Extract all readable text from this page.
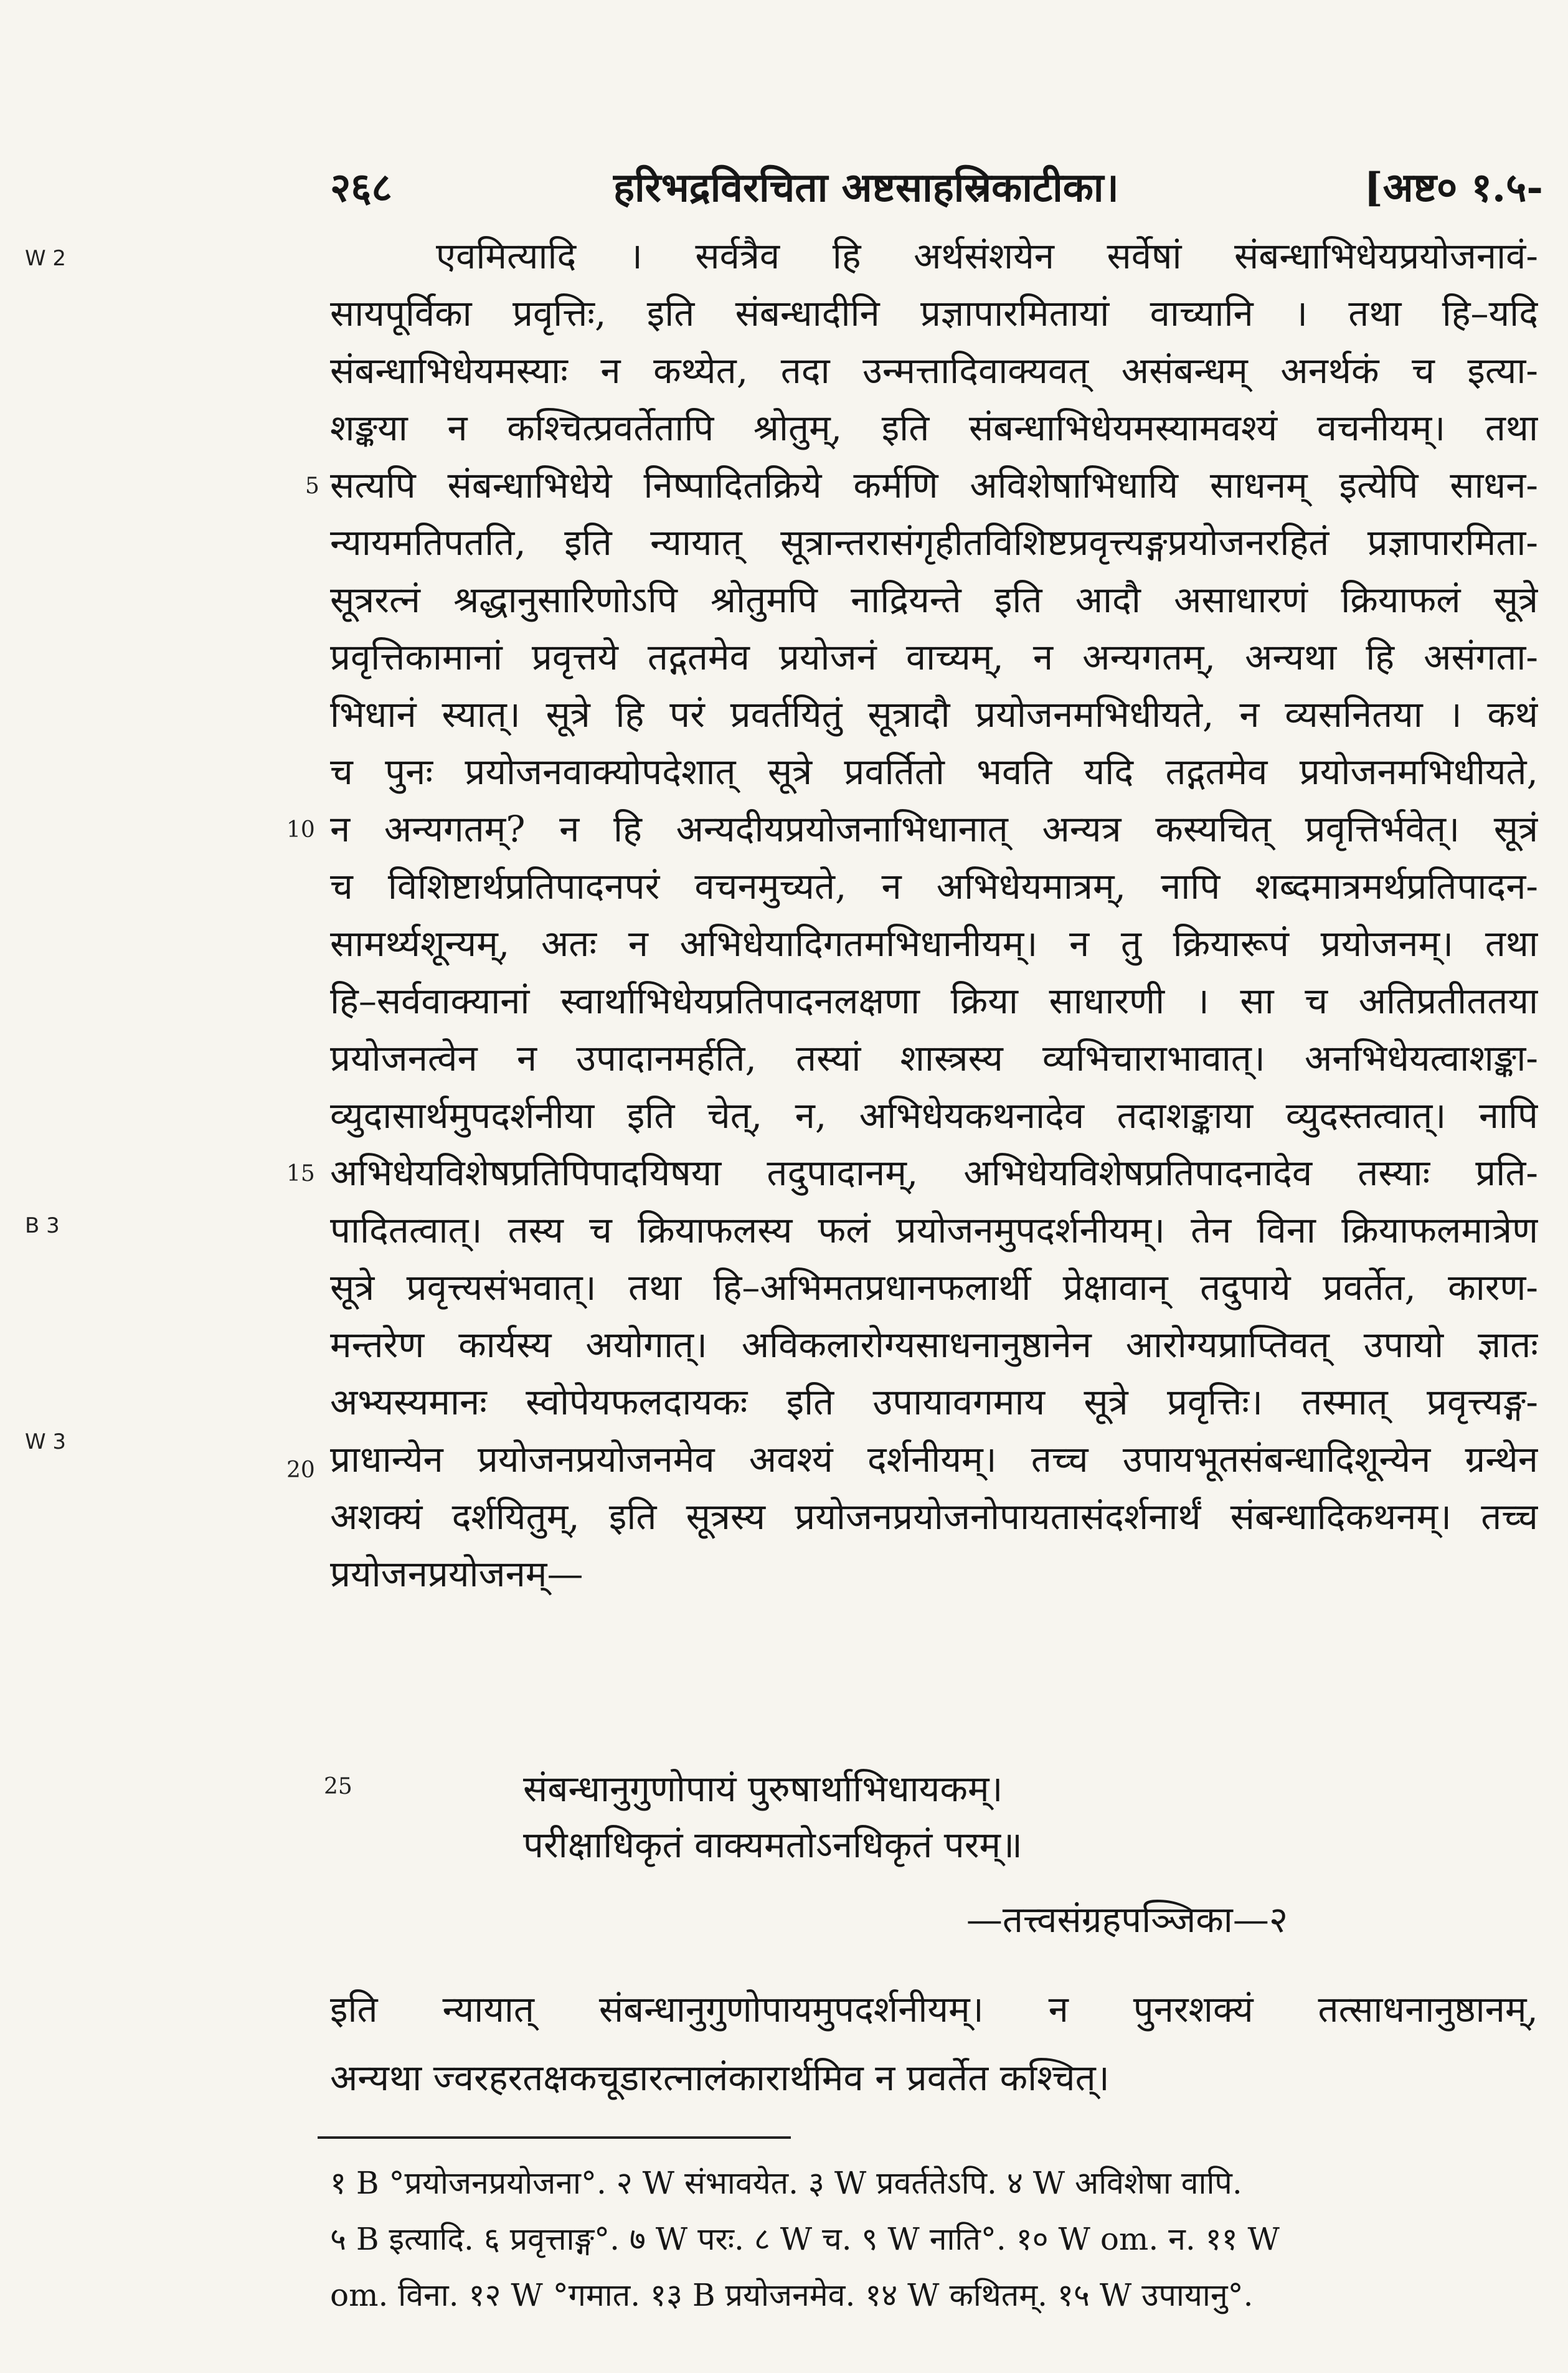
२६८	हरिभद्रविरचिता अष्टसाहस्रिकाटीका।	[अष्ट० १.५-
W 2
B 3
W 3
5
10
15
20
25
एवमित्यादि । सर्वत्रैव हि अर्थसंशयेन सर्वेषां संबन्धाभिधेयप्रयोजनावं-
सायपूर्विका प्रवृत्तिः, इति संबन्धादीनि प्रज्ञापारमितायां वाच्यानि । तथा हि–यदि
संबन्धाभिधेयमस्याः न कथ्येत, तदा उन्मत्तादिवाक्यवत् असंबन्धम् अनर्थकं च इत्या-
शङ्कया न कश्चित्प्रवर्तेतापि श्रोतुम्, इति संबन्धाभिधेयमस्यामवश्यं वचनीयम्। तथा
सत्यपि संबन्धाभिधेये निष्पादितक्रिये कर्मणि अविशेषाभिधायि साधनम् इत्येपि साधन-
न्यायमतिपतति, इति न्यायात् सूत्रान्तरासंगृहीतविशिष्टप्रवृत्त्यङ्गप्रयोजनरहितं प्रज्ञापारमिता-
सूत्ररत्नं श्रद्धानुसारिणोऽपि श्रोतुमपि नाद्रियन्ते इति आदौ असाधारणं क्रियाफलं सूत्रे
प्रवृत्तिकामानां प्रवृत्तये तद्गतमेव प्रयोजनं वाच्यम्, न अन्यगतम्, अन्यथा हि असंगता-
भिधानं स्यात्। सूत्रे हि परं प्रवर्तयितुं सूत्रादौ प्रयोजनमभिधीयते, न व्यसनितया । कथं
च पुनः प्रयोजनवाक्योपदेशात् सूत्रे प्रवर्तितो भवति यदि तद्गतमेव प्रयोजनमभिधीयते,
न अन्यगतम्? न हि अन्यदीयप्रयोजनाभिधानात् अन्यत्र कस्यचित् प्रवृत्तिर्भवेत्। सूत्रं
च विशिष्टार्थप्रतिपादनपरं वचनमुच्यते, न अभिधेयमात्रम्, नापि शब्दमात्रमर्थप्रतिपादन-
सामर्थ्यशून्यम्, अतः न अभिधेयादिगतमभिधानीयम्। न तु क्रियारूपं प्रयोजनम्। तथा
हि–सर्ववाक्यानां स्वार्थाभिधेयप्रतिपादनलक्षणा क्रिया साधारणी । सा च अतिप्रतीततया
प्रयोजनत्वेन न उपादानमर्हति, तस्यां शास्त्रस्य व्यभिचाराभावात्। अनभिधेयत्वाशङ्का-
व्युदासार्थमुपदर्शनीया इति चेत्, न, अभिधेयकथनादेव तदाशङ्काया व्युदस्तत्वात्। नापि
अभिधेयविशेषप्रतिपिपादयिषया तदुपादानम्, अभिधेयविशेषप्रतिपादनादेव तस्याः प्रति-
पादितत्वात्। तस्य च क्रियाफलस्य फलं प्रयोजनमुपदर्शनीयम्। तेन विना क्रियाफलमात्रेण
सूत्रे प्रवृत्त्यसंभवात्। तथा हि–अभिमतप्रधानफलार्थी प्रेक्षावान् तदुपाये प्रवर्तेत, कारण-
मन्तरेण कार्यस्य अयोगात्। अविकलारोग्यसाधनानुष्ठानेन आरोग्यप्राप्तिवत् उपायो ज्ञातः
अभ्यस्यमानः स्वोपेयफलदायकः इति उपायावगमाय सूत्रे प्रवृत्तिः। तस्मात् प्रवृत्त्यङ्ग-
प्राधान्येन प्रयोजनप्रयोजनमेव अवश्यं दर्शनीयम्। तच्च उपायभूतसंबन्धादिशून्येन ग्रन्थेन
अशक्यं दर्शयितुम्, इति सूत्रस्य प्रयोजनप्रयोजनोपायतासंदर्शनार्थं संबन्धादिकथनम्। तच्च
प्रयोजनप्रयोजनम्—
संबन्धानुगुणोपायं पुरुषार्थाभिधायकम्।
परीक्षाधिकृतं वाक्यमतोऽनधिकृतं परम्॥
—तत्त्वसंग्रहपञ्जिका—२
इति न्यायात् संबन्धानुगुणोपायमुपदर्शनीयम्। न पुनरशक्यं तत्साधनानुष्ठानम्,
अन्यथा ज्वरहरतक्षकचूडारत्नालंकारार्थमिव न प्रवर्तेत कश्चित्।
१ B °प्रयोजनप्रयोजना°. २ W संभावयेत. ३ W प्रवर्ततेऽपि. ४ W अविशेषा वापि.
५ B इत्यादि. ६ प्रवृत्ताङ्ग°. ७ W परः. ८ W च. ९ W नाति°. १० W om. न. ११ W
om. विना. १२ W °गमात. १३ B प्रयोजनमेव. १४ W कथितम्. १५ W उपायानु°.
